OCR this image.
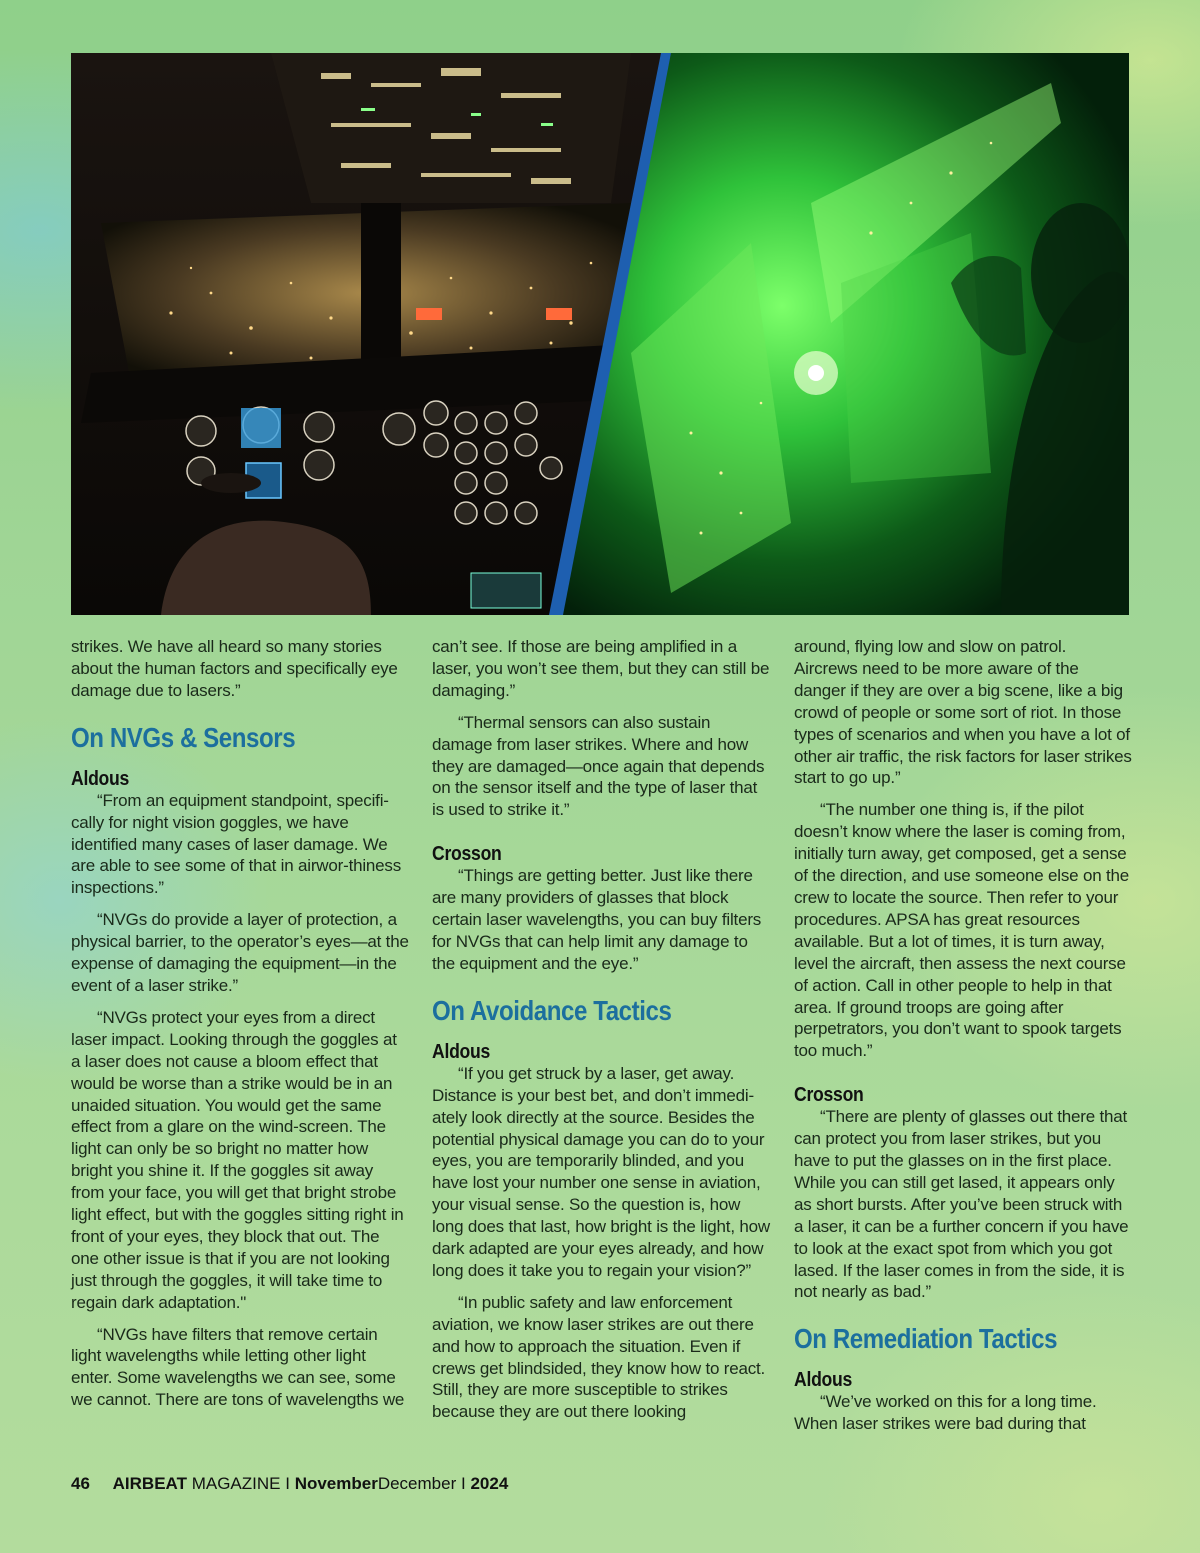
strikes. We have all heard so many stories about the human factors and specifically eye damage due to lasers.”

On NVGs & Sensors
Aldous

“From an equipment standpoint, specifi-cally for night vision goggles, we have identified many cases of laser damage. We are able to see some of that in airwor-thiness inspections.”

“NVGs do provide a layer of protection, a physical barrier, to the operator’s eyes—at the expense of damaging the equipment—in the event of a laser strike.”

“NVGs protect your eyes from a direct laser impact. Looking through the goggles at a laser does not cause a bloom effect that would be worse than a strike would be in an unaided situation. You would get the same effect from a glare on the wind-screen. The light can only be so bright no matter how bright you shine it. If the goggles sit away from your face, you will get that bright strobe light effect, but with the goggles sitting right in front of your eyes, they block that out. The one other issue is that if you are not looking just through the goggles, it will take time to regain dark adaptation."

“NVGs have filters that remove certain light wavelengths while letting other light enter. Some wavelengths we can see, some we cannot. There are tons of wavelengths we

can’t see. If those are being amplified in a laser, you won’t see them, but they can still be damaging.”

“Thermal sensors can also sustain damage from laser strikes. Where and how they are damaged—once again that depends on the sensor itself and the type of laser that is used to strike it.”

Crosson

“Things are getting better. Just like there are many providers of glasses that block certain laser wavelengths, you can buy filters for NVGs that can help limit any damage to the equipment and the eye.”

On Avoidance Tactics
Aldous

“If you get struck by a laser, get away. Distance is your best bet, and don’t immedi-ately look directly at the source. Besides the potential physical damage you can do to your eyes, you are temporarily blinded, and you have lost your number one sense in aviation, your visual sense. So the question is, how long does that last, how bright is the light, how dark adapted are your eyes already, and how long does it take you to regain your vision?”

“In public safety and law enforcement aviation, we know laser strikes are out there and how to approach the situation. Even if crews get blindsided, they know how to react. Still, they are more susceptible to strikes because they are out there looking

around, flying low and slow on patrol. Aircrews need to be more aware of the danger if they are over a big scene, like a big crowd of people or some sort of riot. In those types of scenarios and when you have a lot of other air traffic, the risk factors for laser strikes start to go up.”

“The number one thing is, if the pilot doesn’t know where the laser is coming from, initially turn away, get composed, get a sense of the direction, and use someone else on the crew to locate the source. Then refer to your procedures. APSA has great resources available. But a lot of times, it is turn away, level the aircraft, then assess the next course of action. Call in other people to help in that area. If ground troops are going after perpetrators, you don’t want to spook targets too much.”

Crosson

“There are plenty of glasses out there that can protect you from laser strikes, but you have to put the glasses on in the first place. While you can still get lased, it appears only as short bursts. After you’ve been struck with a laser, it can be a further concern if you have to look at the exact spot from which you got lased. If the laser comes in from the side, it is not nearly as bad.”

On Remediation Tactics
Aldous

“We’ve worked on this for a long time. When laser strikes were bad during that

46 AIRBEAT MAGAZINE I NovemberDecember I 2024
